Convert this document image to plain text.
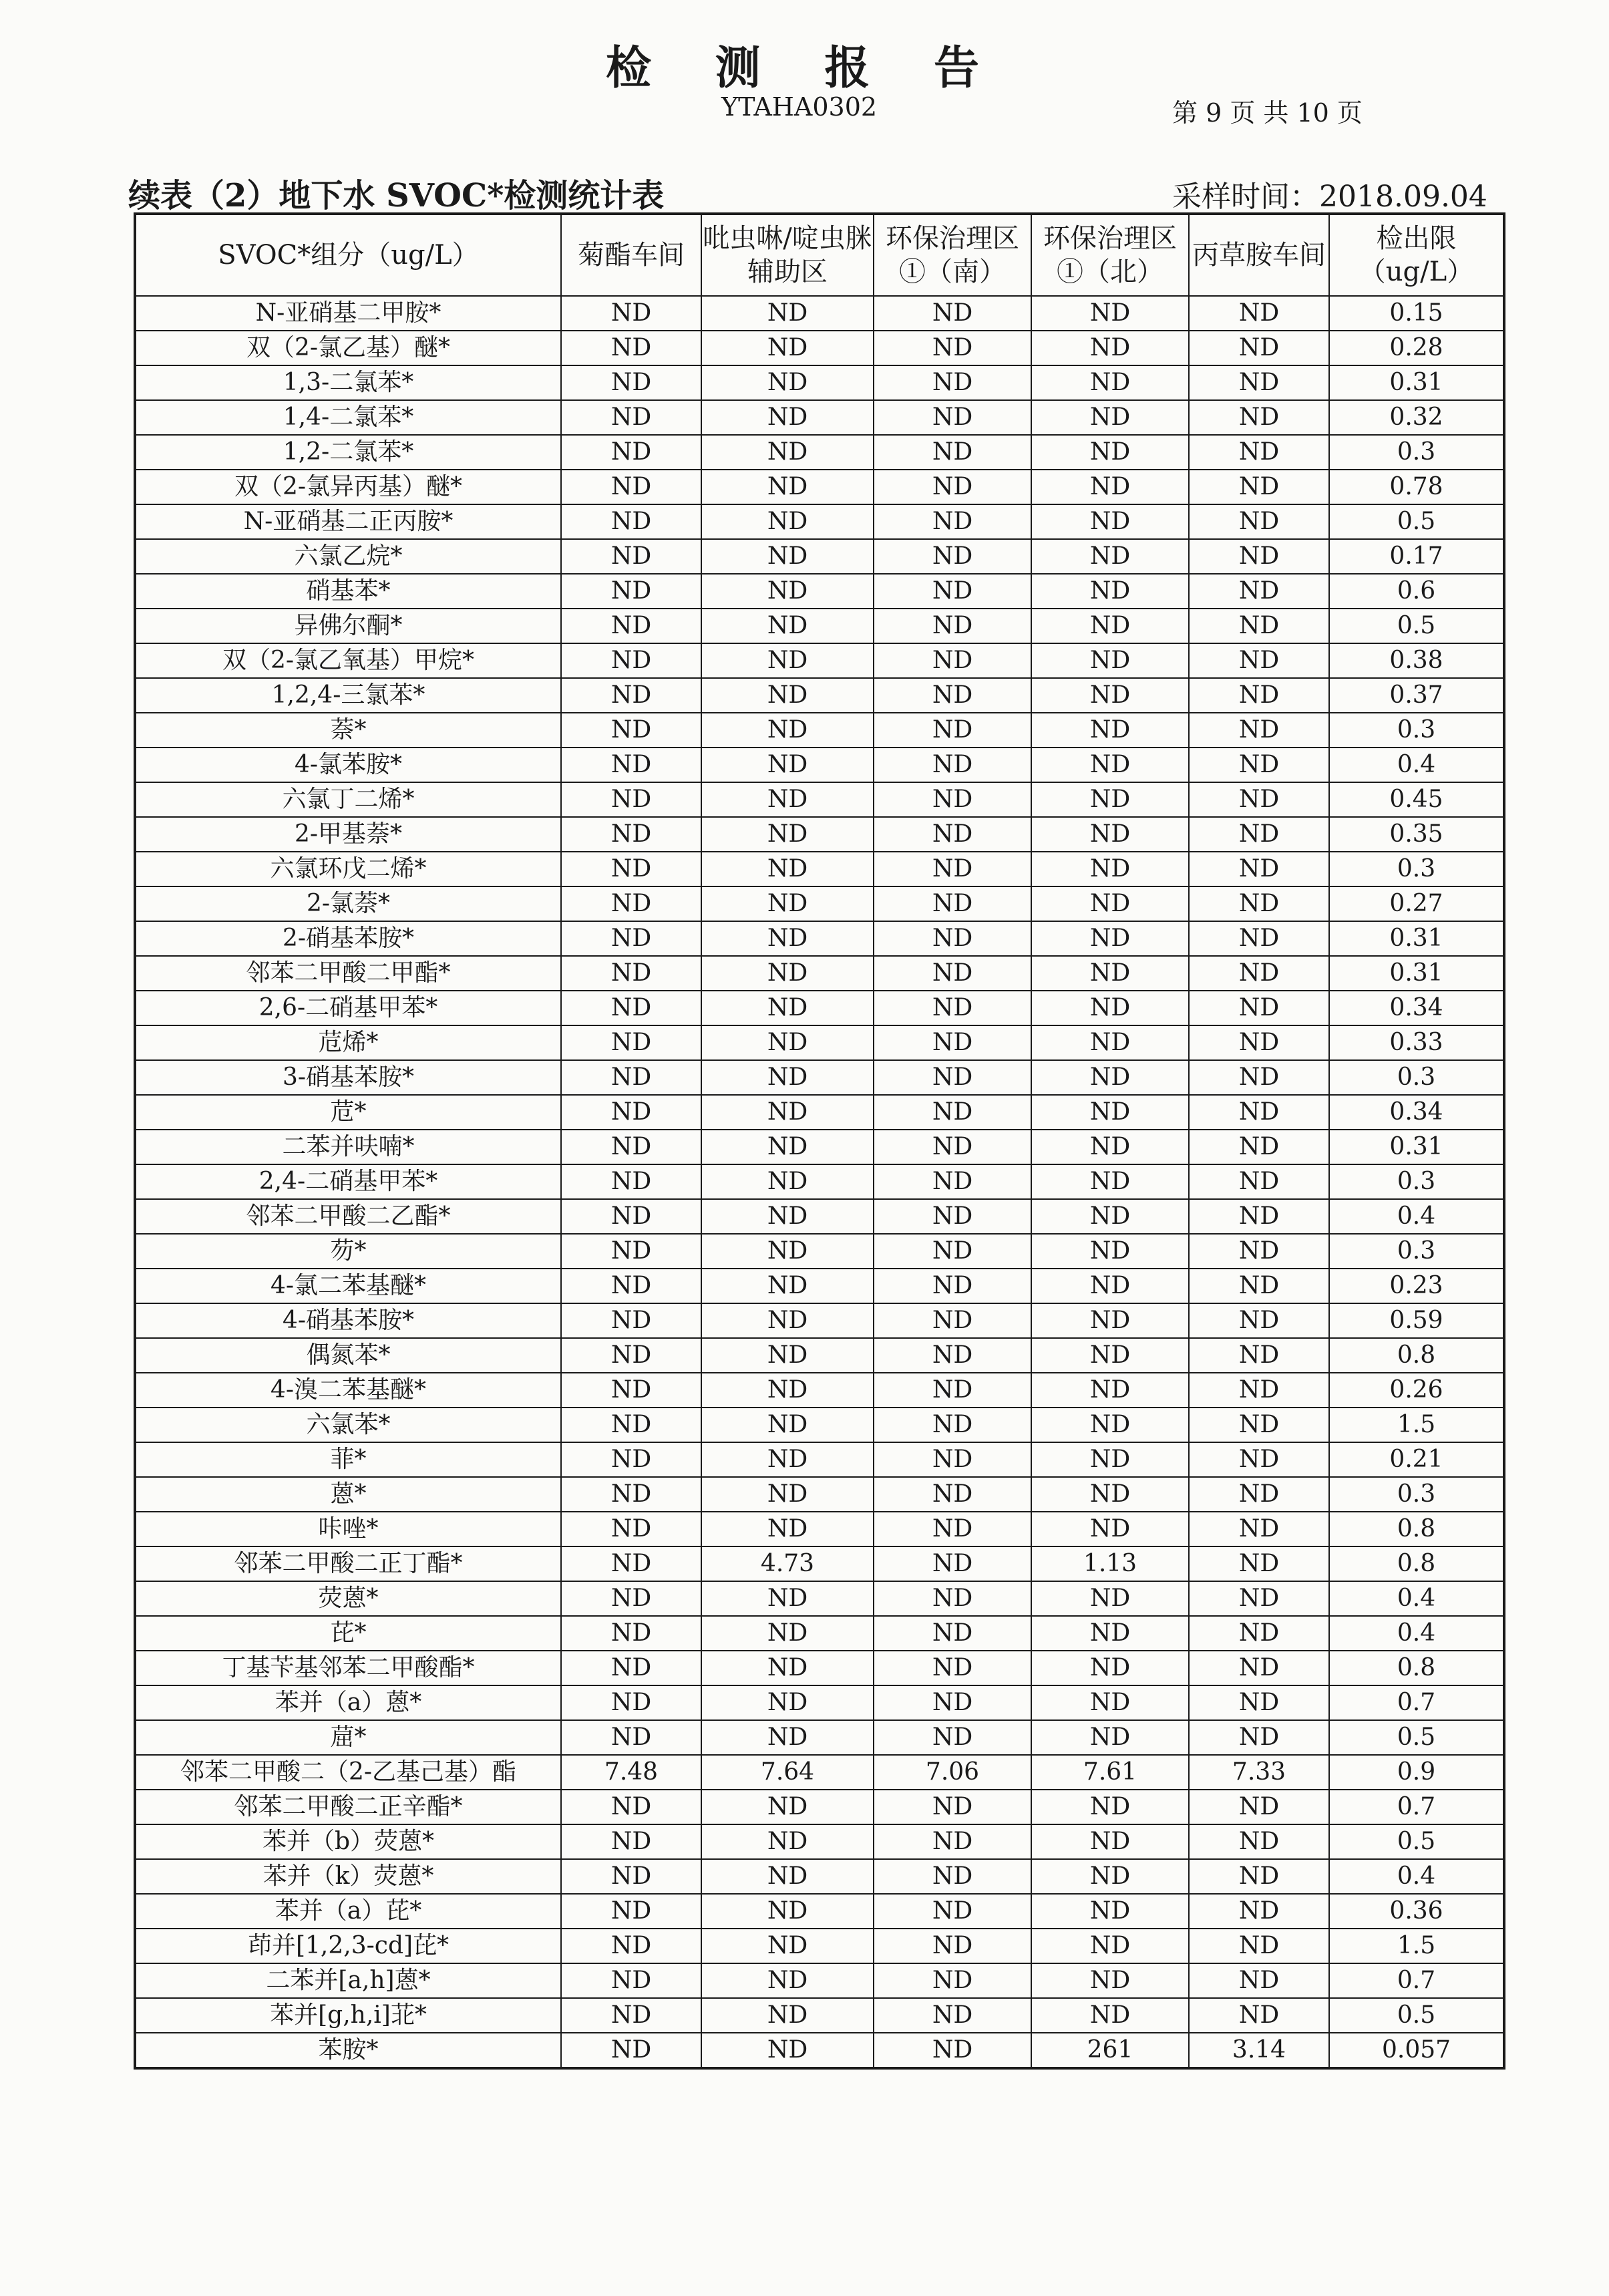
检 测 报 告
YTAHA0302	第 9 页 共 10 页
续表（2）地下水 SVOC*检测统计表	采样时间：2018.09.04
SVOC*组分（ug/L）	菊酯车间	吡虫啉/啶虫脒辅助区	环保治理区①（南）	环保治理区①（北）	丙草胺车间	检出限（ug/L）
N-亚硝基二甲胺*	ND	ND	ND	ND	ND	0.15
双（2-氯乙基）醚*	ND	ND	ND	ND	ND	0.28
1,3-二氯苯*	ND	ND	ND	ND	ND	0.31
1,4-二氯苯*	ND	ND	ND	ND	ND	0.32
1,2-二氯苯*	ND	ND	ND	ND	ND	0.3
双（2-氯异丙基）醚*	ND	ND	ND	ND	ND	0.78
N-亚硝基二正丙胺*	ND	ND	ND	ND	ND	0.5
六氯乙烷*	ND	ND	ND	ND	ND	0.17
硝基苯*	ND	ND	ND	ND	ND	0.6
异佛尔酮*	ND	ND	ND	ND	ND	0.5
双（2-氯乙氧基）甲烷*	ND	ND	ND	ND	ND	0.38
1,2,4-三氯苯*	ND	ND	ND	ND	ND	0.37
萘*	ND	ND	ND	ND	ND	0.3
4-氯苯胺*	ND	ND	ND	ND	ND	0.4
六氯丁二烯*	ND	ND	ND	ND	ND	0.45
2-甲基萘*	ND	ND	ND	ND	ND	0.35
六氯环戊二烯*	ND	ND	ND	ND	ND	0.3
2-氯萘*	ND	ND	ND	ND	ND	0.27
2-硝基苯胺*	ND	ND	ND	ND	ND	0.31
邻苯二甲酸二甲酯*	ND	ND	ND	ND	ND	0.31
2,6-二硝基甲苯*	ND	ND	ND	ND	ND	0.34
苊烯*	ND	ND	ND	ND	ND	0.33
3-硝基苯胺*	ND	ND	ND	ND	ND	0.3
苊*	ND	ND	ND	ND	ND	0.34
二苯并呋喃*	ND	ND	ND	ND	ND	0.31
2,4-二硝基甲苯*	ND	ND	ND	ND	ND	0.3
邻苯二甲酸二乙酯*	ND	ND	ND	ND	ND	0.4
芴*	ND	ND	ND	ND	ND	0.3
4-氯二苯基醚*	ND	ND	ND	ND	ND	0.23
4-硝基苯胺*	ND	ND	ND	ND	ND	0.59
偶氮苯*	ND	ND	ND	ND	ND	0.8
4-溴二苯基醚*	ND	ND	ND	ND	ND	0.26
六氯苯*	ND	ND	ND	ND	ND	1.5
菲*	ND	ND	ND	ND	ND	0.21
蒽*	ND	ND	ND	ND	ND	0.3
咔唑*	ND	ND	ND	ND	ND	0.8
邻苯二甲酸二正丁酯*	ND	4.73	ND	1.13	ND	0.8
荧蒽*	ND	ND	ND	ND	ND	0.4
芘*	ND	ND	ND	ND	ND	0.4
丁基苄基邻苯二甲酸酯*	ND	ND	ND	ND	ND	0.8
苯并（a）蒽*	ND	ND	ND	ND	ND	0.7
䓛*	ND	ND	ND	ND	ND	0.5
邻苯二甲酸二（2-乙基己基）酯	7.48	7.64	7.06	7.61	7.33	0.9
邻苯二甲酸二正辛酯*	ND	ND	ND	ND	ND	0.7
苯并（b）荧蒽*	ND	ND	ND	ND	ND	0.5
苯并（k）荧蒽*	ND	ND	ND	ND	ND	0.4
苯并（a）芘*	ND	ND	ND	ND	ND	0.36
茚并[1,2,3-cd]芘*	ND	ND	ND	ND	ND	1.5
二苯并[a,h]蒽*	ND	ND	ND	ND	ND	0.7
苯并[g,h,i]苝*	ND	ND	ND	ND	ND	0.5
苯胺*	ND	ND	ND	261	3.14	0.057
